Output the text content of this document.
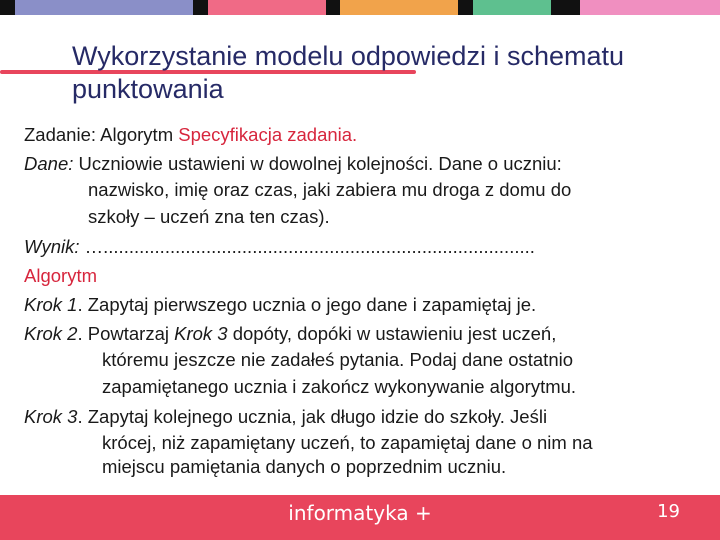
Wykorzystanie modelu odpowiedzi i schematu punktowania
Zadanie: Algorytm Specyfikacja zadania.
Dane: Uczniowie ustawieni w dowolnej kolejności. Dane o uczniu:
nazwisko, imię oraz czas, jaki zabiera mu droga z domu do
szkoły – uczeń zna ten czas).
Wynik: …....................................................................................
Algorytm
Krok 1. Zapytaj pierwszego ucznia o jego dane i zapamiętaj je.
Krok 2. Powtarzaj Krok 3 dopóty, dopóki w ustawieniu jest uczeń,
któremu jeszcze nie zadałeś pytania. Podaj dane ostatnio
zapamiętanego ucznia i zakończ wykonywanie algorytmu.
Krok 3. Zapytaj kolejnego ucznia, jak długo idzie do szkoły. Jeśli
krócej, niż zapamiętany uczeń, to zapamiętaj dane o nim na
miejscu pamiętania danych o poprzednim uczniu.
informatyka +	19
